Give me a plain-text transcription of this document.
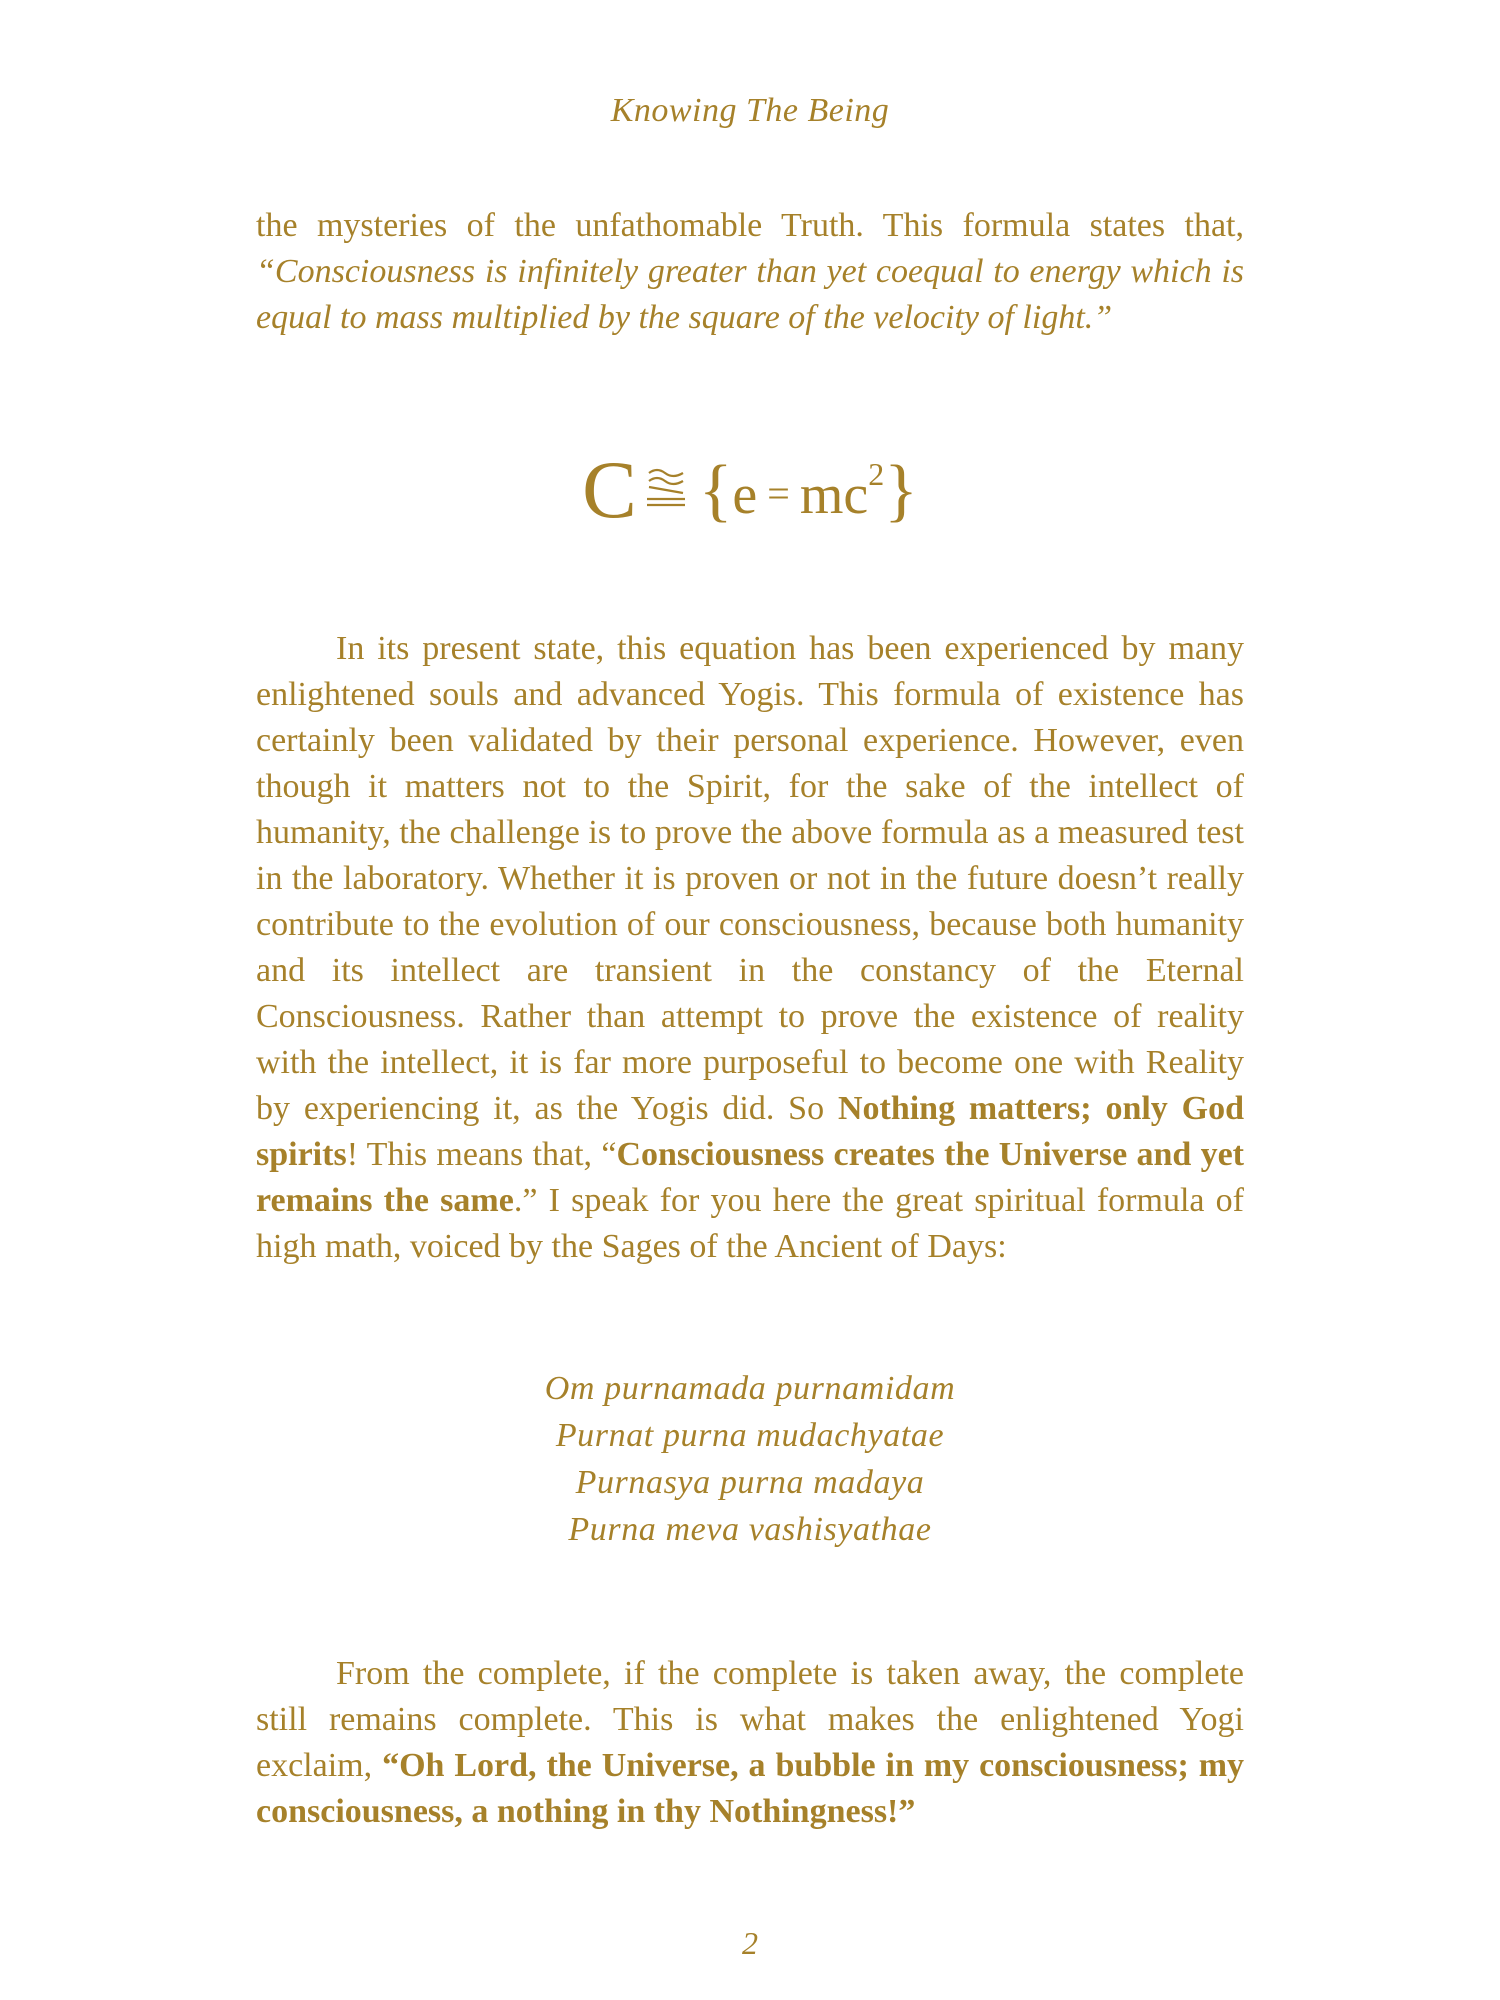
Knowing The Being
the mysteries of the unfathomable Truth. This formula states that, “Consciousness is infinitely greater than yet coequal to energy which is equal to mass multiplied by the square of the velocity of light.”
C $\{e = mc^2\}$
In its present state, this equation has been experienced by many enlightened souls and advanced Yogis. This formula of existence has certainly been validated by their personal experience. However, even though it matters not to the Spirit, for the sake of the intellect of humanity, the challenge is to prove the above formula as a measured test in the laboratory. Whether it is proven or not in the future doesn’t really contribute to the evolution of our consciousness, because both humanity and its intellect are transient in the constancy of the Eternal Consciousness. Rather than attempt to prove the existence of reality with the intellect, it is far more purposeful to become one with Reality by experiencing it, as the Yogis did. So Nothing matters; only God spirits! This means that, “Consciousness creates the Universe and yet remains the same.” I speak for you here the great spiritual formula of high math, voiced by the Sages of the Ancient of Days:
Om purnamada purnamidam
Purnat purna mudachyatae
Purnasya purna madaya
Purna meva vashisyathae
From the complete, if the complete is taken away, the complete still remains complete. This is what makes the enlightened Yogi exclaim, “Oh Lord, the Universe, a bubble in my consciousness; my consciousness, a nothing in thy Nothingness!”
2
